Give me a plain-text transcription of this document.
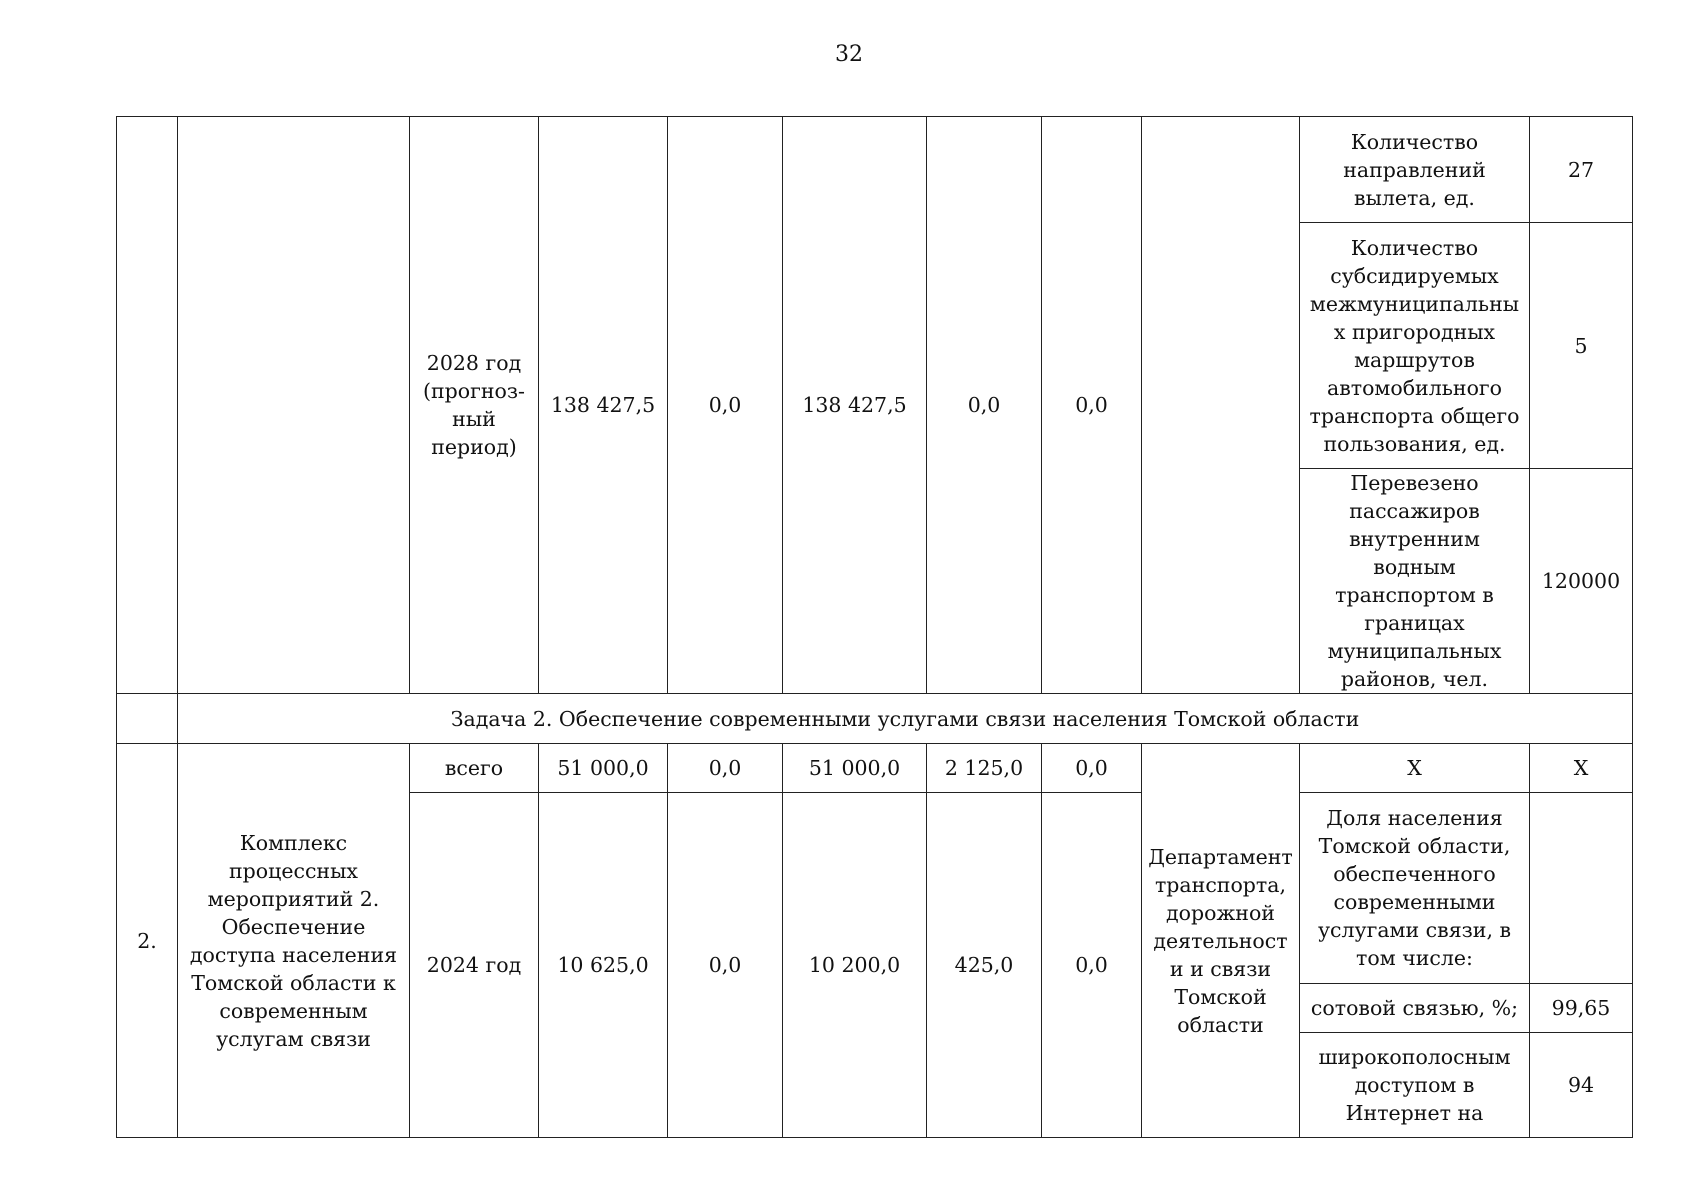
32
		2028 год (прогноз-ный период)	138 427,5	0,0	138 427,5	0,0	0,0		Количество направлений вылета, ед.	27
									Количество субсидируемых межмуниципальных пригородных маршрутов автомобильного транспорта общего пользования, ед.	5
									Перевезено пассажиров внутренним водным транспортом в границах муниципальных районов, чел.	120000
	Задача 2. Обеспечение современными услугами связи населения Томской области									
2.	Комплекс процессных мероприятий 2. Обеспечение доступа населения Томской области к современным услугам связи	всего	51 000,0	0,0	51 000,0	2 125,0	0,0	Департамент транспорта, дорожной деятельности и связи Томской области	X	X
		2024 год	10 625,0	0,0	10 200,0	425,0	0,0		Доля населения Томской области, обеспеченного современными услугами связи, в том числе:	
									сотовой связью, %;	99,65
									широкополосным доступом в Интернет на	94
